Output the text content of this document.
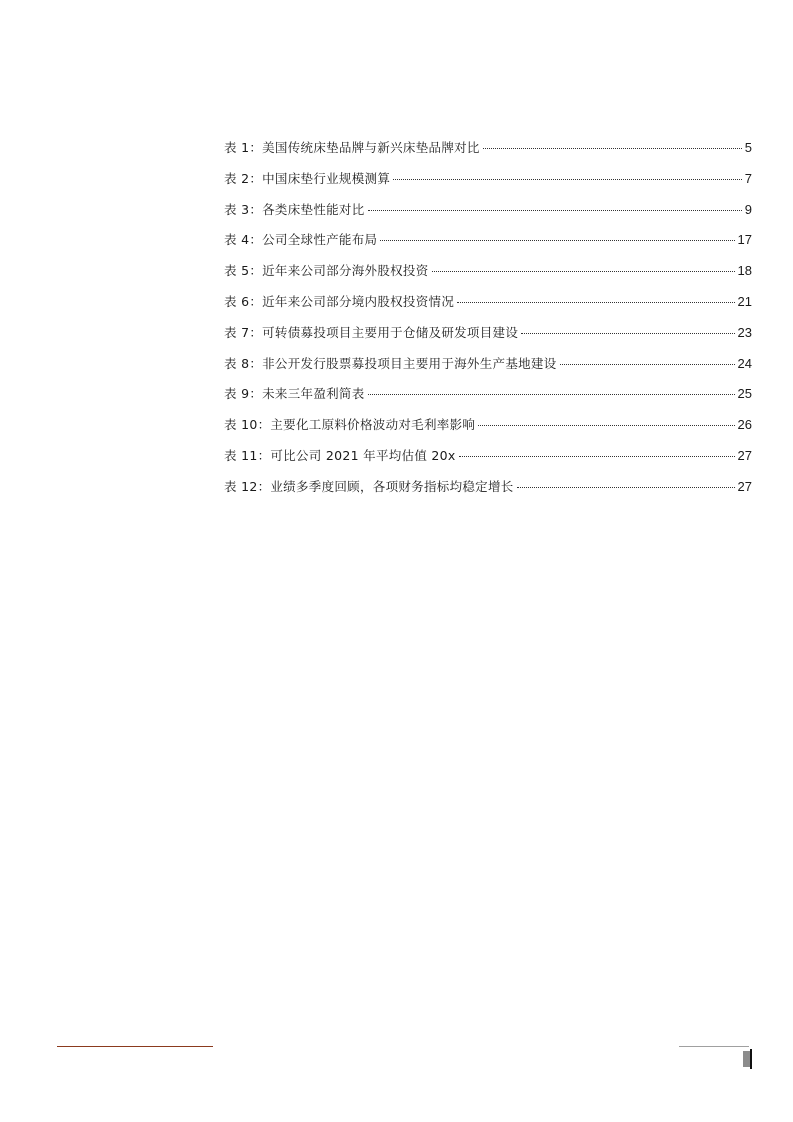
表 1：美国传统床垫品牌与新兴床垫品牌对比	5
表 2：中国床垫行业规模测算	7
表 3：各类床垫性能对比	9
表 4：公司全球性产能布局	17
表 5：近年来公司部分海外股权投资	18
表 6：近年来公司部分境内股权投资情况	21
表 7：可转债募投项目主要用于仓储及研发项目建设	23
表 8：非公开发行股票募投项目主要用于海外生产基地建设	24
表 9：未来三年盈利简表	25
表 10：主要化工原料价格波动对毛利率影响	26
表 11：可比公司 2021 年平均估值 20x	27
表 12：业绩多季度回顾，各项财务指标均稳定增长	27
